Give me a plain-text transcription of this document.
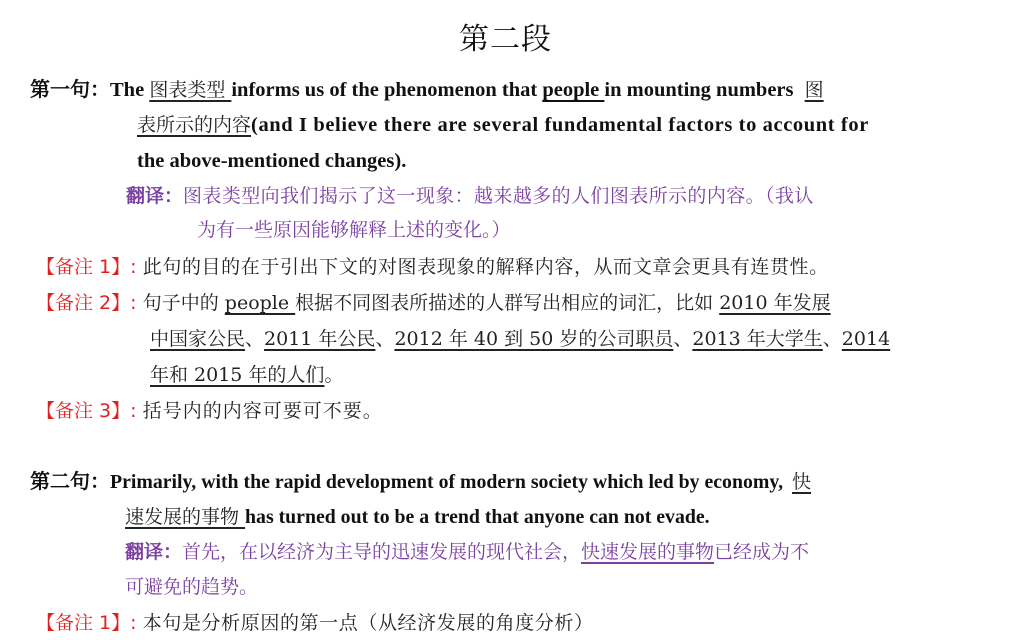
第二段
第一句：The 图表类型 informs us of the phenomenon that people in mounting numbers 图
表所示的内容(and I believe there are several fundamental factors to account for
the above-mentioned changes).
翻译：图表类型向我们揭示了这一现象：越来越多的人们图表所示的内容。（我认
为有一些原因能够解释上述的变化。）
【备注 1】: 此句的目的在于引出下文的对图表现象的解释内容，从而文章会更具有连贯性。
【备注 2】: 句子中的 people 根据不同图表所描述的人群写出相应的词汇，比如 2010 年发展
中国家公民、2011 年公民、2012 年 40 到 50 岁的公司职员、2013 年大学生、2014
年和 2015 年的人们。
【备注 3】: 括号内的内容可要可不要。
第二句：Primarily, with the rapid development of modern society which led by economy, 快
速发展的事物 has turned out to be a trend that anyone can not evade.
翻译：首先，在以经济为主导的迅速发展的现代社会，快速发展的事物已经成为不
可避免的趋势。
【备注 1】: 本句是分析原因的第一点（从经济发展的角度分析）
